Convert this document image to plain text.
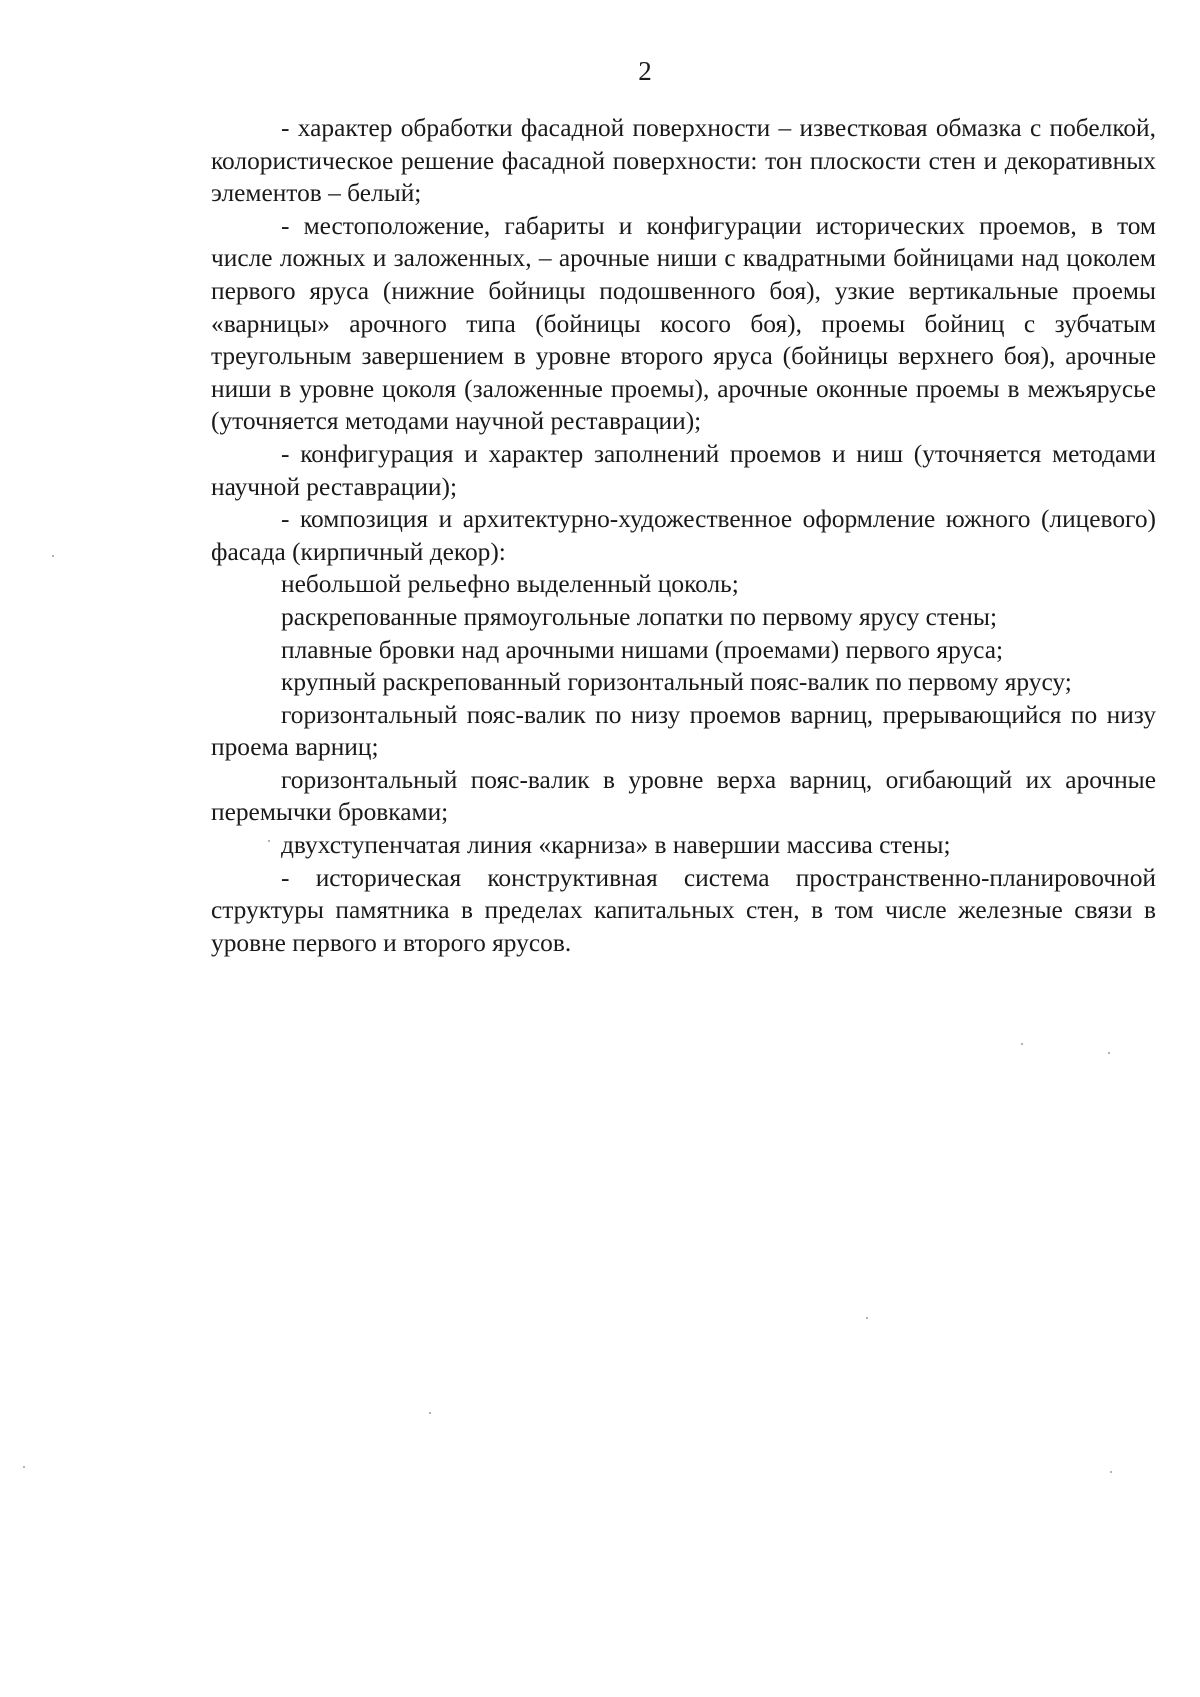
2

- характер обработки фасадной поверхности – известковая обмазка с побелкой, колористическое решение фасадной поверхности: тон плоскости стен и декоративных элементов – белый;

- местоположение, габариты и конфигурации исторических проемов, в том числе ложных и заложенных, – арочные ниши с квадратными бойницами над цоколем первого яруса (нижние бойницы подошвенного боя), узкие вертикальные проемы «варницы» арочного типа (бойницы косого боя), проемы бойниц с зубчатым треугольным завершением в уровне второго яруса (бойницы верхнего боя), арочные ниши в уровне цоколя (заложенные проемы), арочные оконные проемы в межъярусье (уточняется методами научной реставрации);

- конфигурация и характер заполнений проемов и ниш (уточняется методами научной реставрации);

- композиция и архитектурно-художественное оформление южного (лицевого) фасада (кирпичный декор):

небольшой рельефно выделенный цоколь;

раскрепованные прямоугольные лопатки по первому ярусу стены;

плавные бровки над арочными нишами (проемами) первого яруса;

крупный раскрепованный горизонтальный пояс-валик по первому ярусу;

горизонтальный пояс-валик по низу проемов варниц, прерывающийся по низу проема варниц;

горизонтальный пояс-валик в уровне верха варниц, огибающий их арочные перемычки бровками;

двухступенчатая линия «карниза» в навершии массива стены;

- историческая конструктивная система пространственно-планировочной структуры памятника в пределах капитальных стен, в том числе железные связи в уровне первого и второго ярусов.
